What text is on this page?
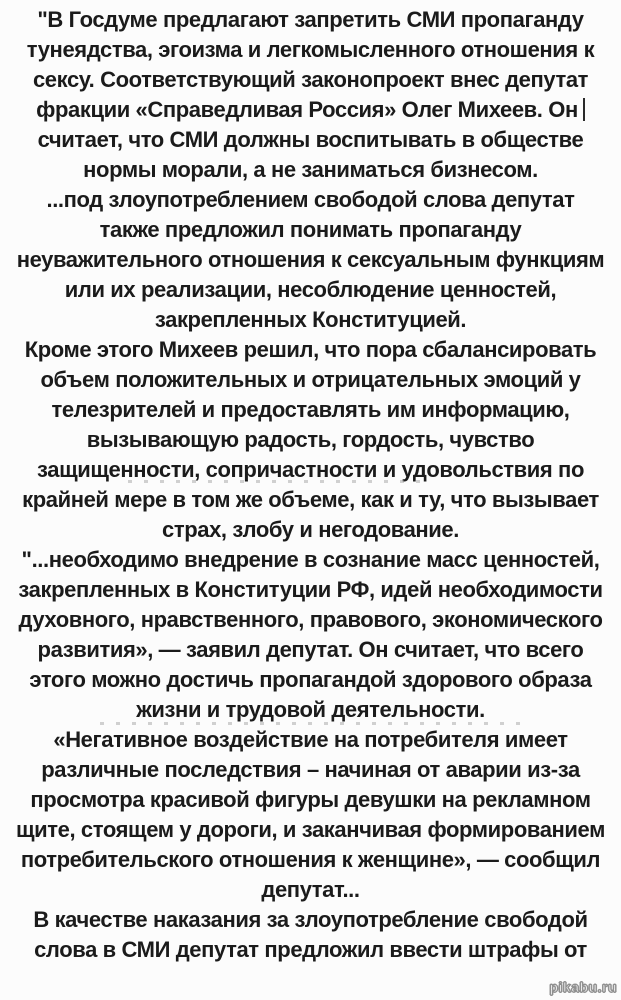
"В Госдуме предлагают запретить СМИ пропаганду
тунеядства, эгоизма и легкомысленного отношения к
сексу. Соответствующий законопроект внес депутат
фракции «Справедливая Россия» Олег Михеев. Он
считает, что СМИ должны воспитывать в обществе
нормы морали, а не заниматься бизнесом.
...под злоупотреблением свободой слова депутат
также предложил понимать пропаганду
неуважительного отношения к сексуальным функциям
или их реализации, несоблюдение ценностей,
закрепленных Конституцией.
Кроме этого Михеев решил, что пора сбалансировать
объем положительных и отрицательных эмоций у
телезрителей и предоставлять им информацию,
вызывающую радость, гордость, чувство
защищенности, сопричастности и удовольствия по
крайней мере в том же объеме, как и ту, что вызывает
страх, злобу и негодование.
"...необходимо внедрение в сознание масс ценностей,
закрепленных в Конституции РФ, идей необходимости
духовного, нравственного, правового, экономического
развития», — заявил депутат. Он считает, что всего
этого можно достичь пропагандой здорового образа
жизни и трудовой деятельности.
«Негативное воздействие на потребителя имеет
различные последствия – начиная от аварии из-за
просмотра красивой фигуры девушки на рекламном
щите, стоящем у дороги, и заканчивая формированием
потребительского отношения к женщине», — сообщил
депутат...
В качестве наказания за злоупотребление свободой
слова в СМИ депутат предложил ввести штрафы от
pikabu.ru
